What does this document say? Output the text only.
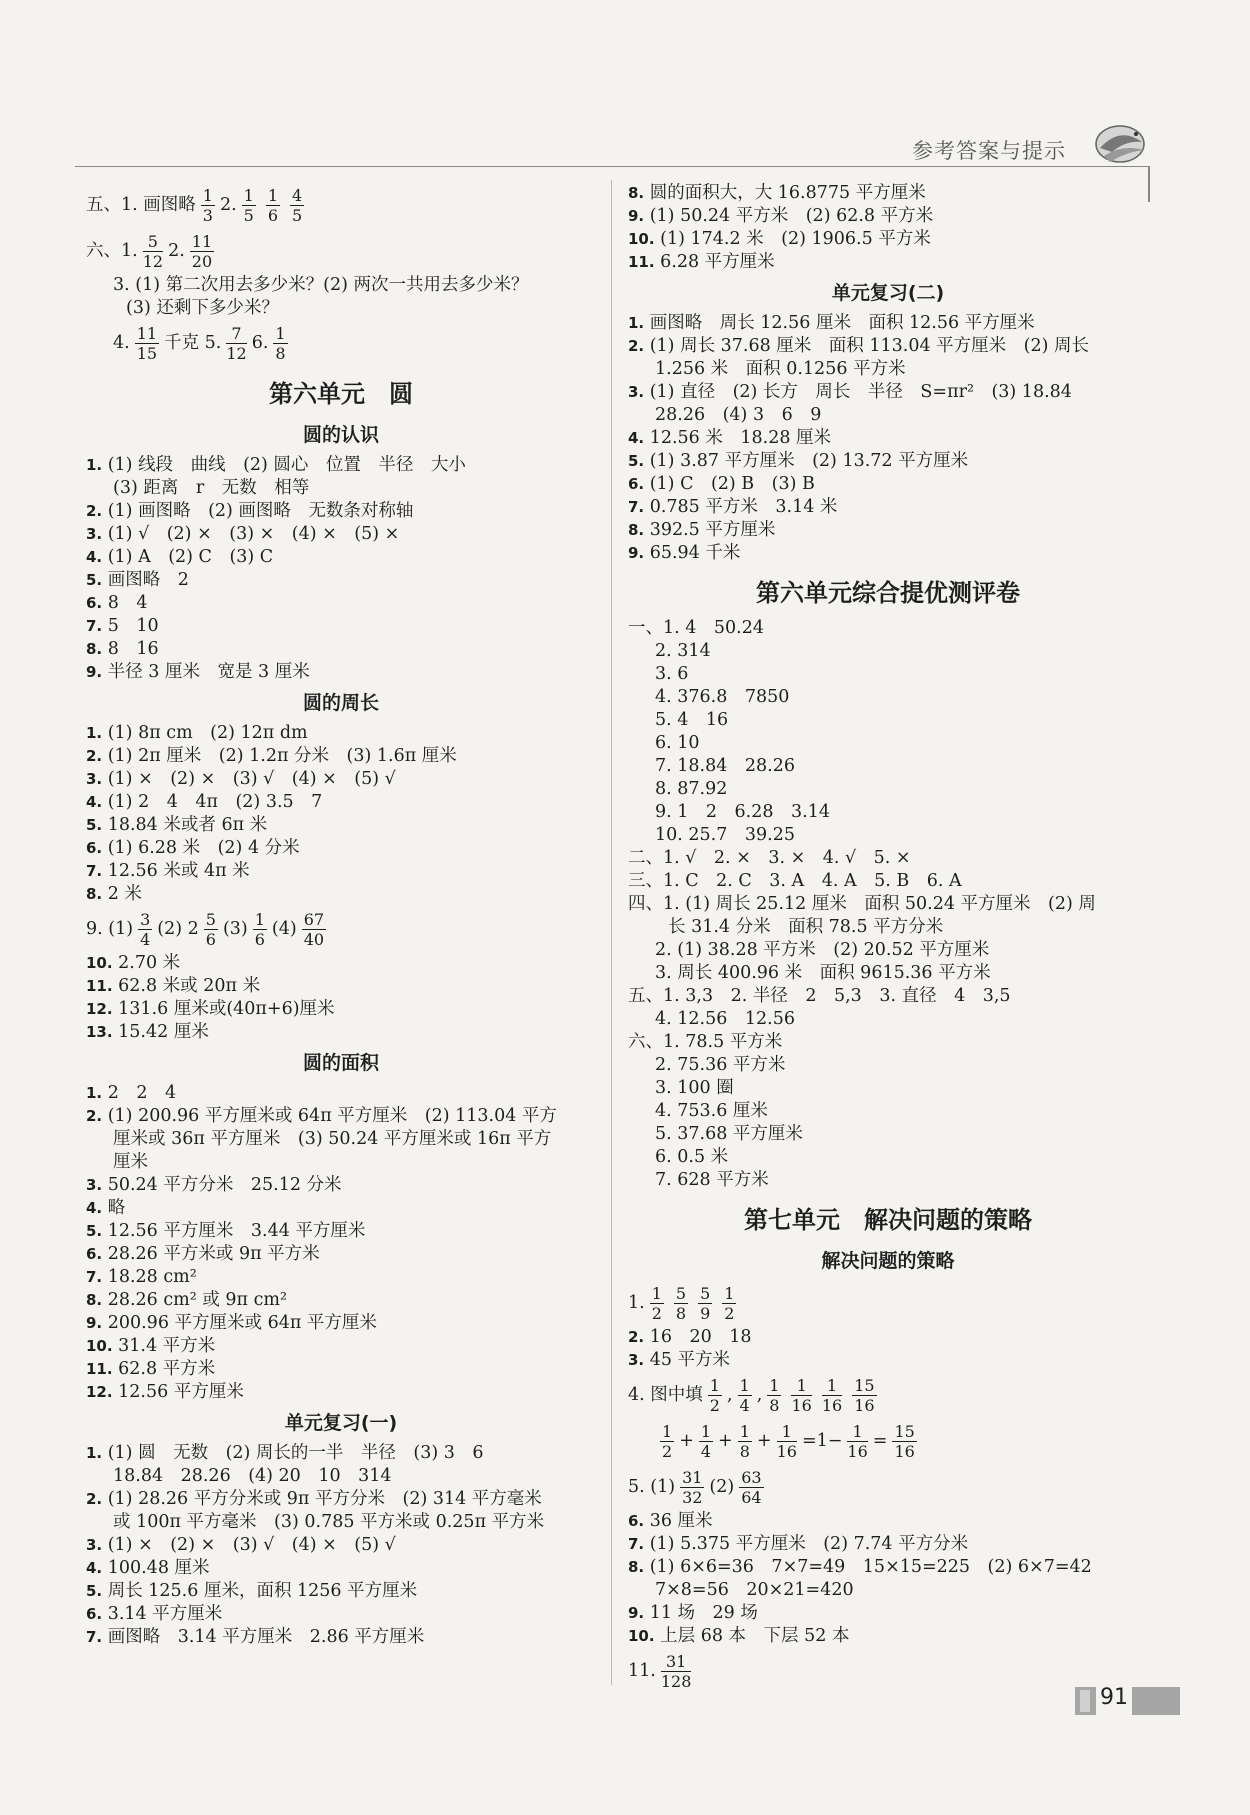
参考答案与提示
五、1. 画图略 $\frac{1}{3} 2$. $\frac{1}{5} \frac{1}{6} \frac{4}{5}$
六、1. $\frac{5}{12} 2$. $\frac{11}{20}$
3. (1) 第二次用去多少米？(2) 两次一共用去多少米？
(3) 还剩下多少米？
4. $\frac{11}{15}$ 千克 5. $\frac{7}{12} 6$. $\frac{1}{8}$
第六单元　圆
圆的认识
1. (1) 线段　曲线　(2) 圆心　位置　半径　大小
(3) 距离　r　无数　相等
2. (1) 画图略　(2) 画图略　无数条对称轴
3. (1) √　(2) ×　(3) ×　(4) ×　(5) ×
4. (1) A　(2) C　(3) C
5. 画图略　2
6. 8　4
7. 5　10
8. 8　16
9. 半径 3 厘米　宽是 3 厘米
圆的周长
1. (1) 8π cm　(2) 12π dm
2. (1) 2π 厘米　(2) 1.2π 分米　(3) 1.6π 厘米
3. (1) ×　(2) ×　(3) √　(4) ×　(5) √
4. (1) 2　4　4π　(2) 3.5　7
5. 18.84 米或者 6π 米
6. (1) 6.28 米　(2) 4 分米
7. 12.56 米或 4π 米
8. 2 米
9. $(1) \frac{3}{4} (2)$ $2 \frac{5}{6} (3) \frac{1}{6} (4) \frac{67}{40}$
10. 2.70 米
11. 62.8 米或 20π 米
12. 131.6 厘米或(40π+6)厘米
13. 15.42 厘米
圆的面积
1. 2　2　4
2. (1) 200.96 平方厘米或 64π 平方厘米　(2) 113.04 平方
厘米或 36π 平方厘米　(3) 50.24 平方厘米或 16π 平方
厘米
3. 50.24 平方分米　25.12 分米
4. 略
5. 12.56 平方厘米　3.44 平方厘米
6. 28.26 平方米或 9π 平方米
7. 18.28 cm²
8. 28.26 cm² 或 9π cm²
9. 200.96 平方厘米或 64π 平方厘米
10. 31.4 平方米
11. 62.8 平方米
12. 12.56 平方厘米
单元复习(一)
1. (1) 圆　无数　(2) 周长的一半　半径　(3) 3　6
18.84　28.26　(4) 20　10　314
2. (1) 28.26 平方分米或 9π 平方分米　(2) 314 平方毫米
或 100π 平方毫米　(3) 0.785 平方米或 0.25π 平方米
3. (1) ×　(2) ×　(3) √　(4) ×　(5) √
4. 100.48 厘米
5. 周长 125.6 厘米，面积 1256 平方厘米
6. 3.14 平方厘米
7. 画图略　3.14 平方厘米　2.86 平方厘米
8. 圆的面积大，大 16.8775 平方厘米
9. (1) 50.24 平方米　(2) 62.8 平方米
10. (1) 174.2 米　(2) 1906.5 平方米
11. 6.28 平方厘米
单元复习(二)
1. 画图略　周长 12.56 厘米　面积 12.56 平方厘米
2. (1) 周长 37.68 厘米　面积 113.04 平方厘米　(2) 周长
1.256 米　面积 0.1256 平方米
3. (1) 直径　(2) 长方　周长　半径　S=πr²　(3) 18.84
28.26　(4) 3　6　9
4. 12.56 米　18.28 厘米
5. (1) 3.87 平方厘米　(2) 13.72 平方厘米
6. (1) C　(2) B　(3) B
7. 0.785 平方米　3.14 米
8. 392.5 平方厘米
9. 65.94 千米
第六单元综合提优测评卷
一、1. 4　50.24
2. 314
3. 6
4. 376.8　7850
5. 4　16
6. 10
7. 18.84　28.26
8. 87.92
9. 1　2　6.28　3.14
10. 25.7　39.25
二、1. √　2. ×　3. ×　4. √　5. ×
三、1. C　2. C　3. A　4. A　5. B　6. A
四、1. (1) 周长 25.12 厘米　面积 50.24 平方厘米　(2) 周
长 31.4 分米　面积 78.5 平方分米
2. (1) 38.28 平方米　(2) 20.52 平方厘米
3. 周长 400.96 米　面积 9615.36 平方米
五、1. 3,3　2. 半径　2　5,3　3. 直径　4　3,5
4. 12.56　12.56
六、1. 78.5 平方米
2. 75.36 平方米
3. 100 圈
4. 753.6 厘米
5. 37.68 平方厘米
6. 0.5 米
7. 628 平方米
第七单元　解决问题的策略
解决问题的策略
1. $\frac{1}{2} \frac{5}{8} \frac{5}{9} \frac{1}{2}$
2. 16　20　18
3. 45 平方米
4. 图中填 $\frac{1}{2}$ , $\frac{1}{4}$ , $\frac{1}{8} \frac{1}{16} \frac{1}{16} \frac{15}{16}$
$\frac{1}{2} + \frac{1}{4} + \frac{1}{8} + \frac{1}{16} =1- \frac{1}{16} = \frac{15}{16}$
5. $(1) \frac{31}{32} (2) \frac{63}{64}$
6. 36 厘米
7. (1) 5.375 平方厘米　(2) 7.74 平方分米
8. (1) 6×6=36　7×7=49　15×15=225　(2) 6×7=42
7×8=56　20×21=420
9. 11 场　29 场
10. 上层 68 本　下层 52 本
11. $\frac{31}{128}$
91
